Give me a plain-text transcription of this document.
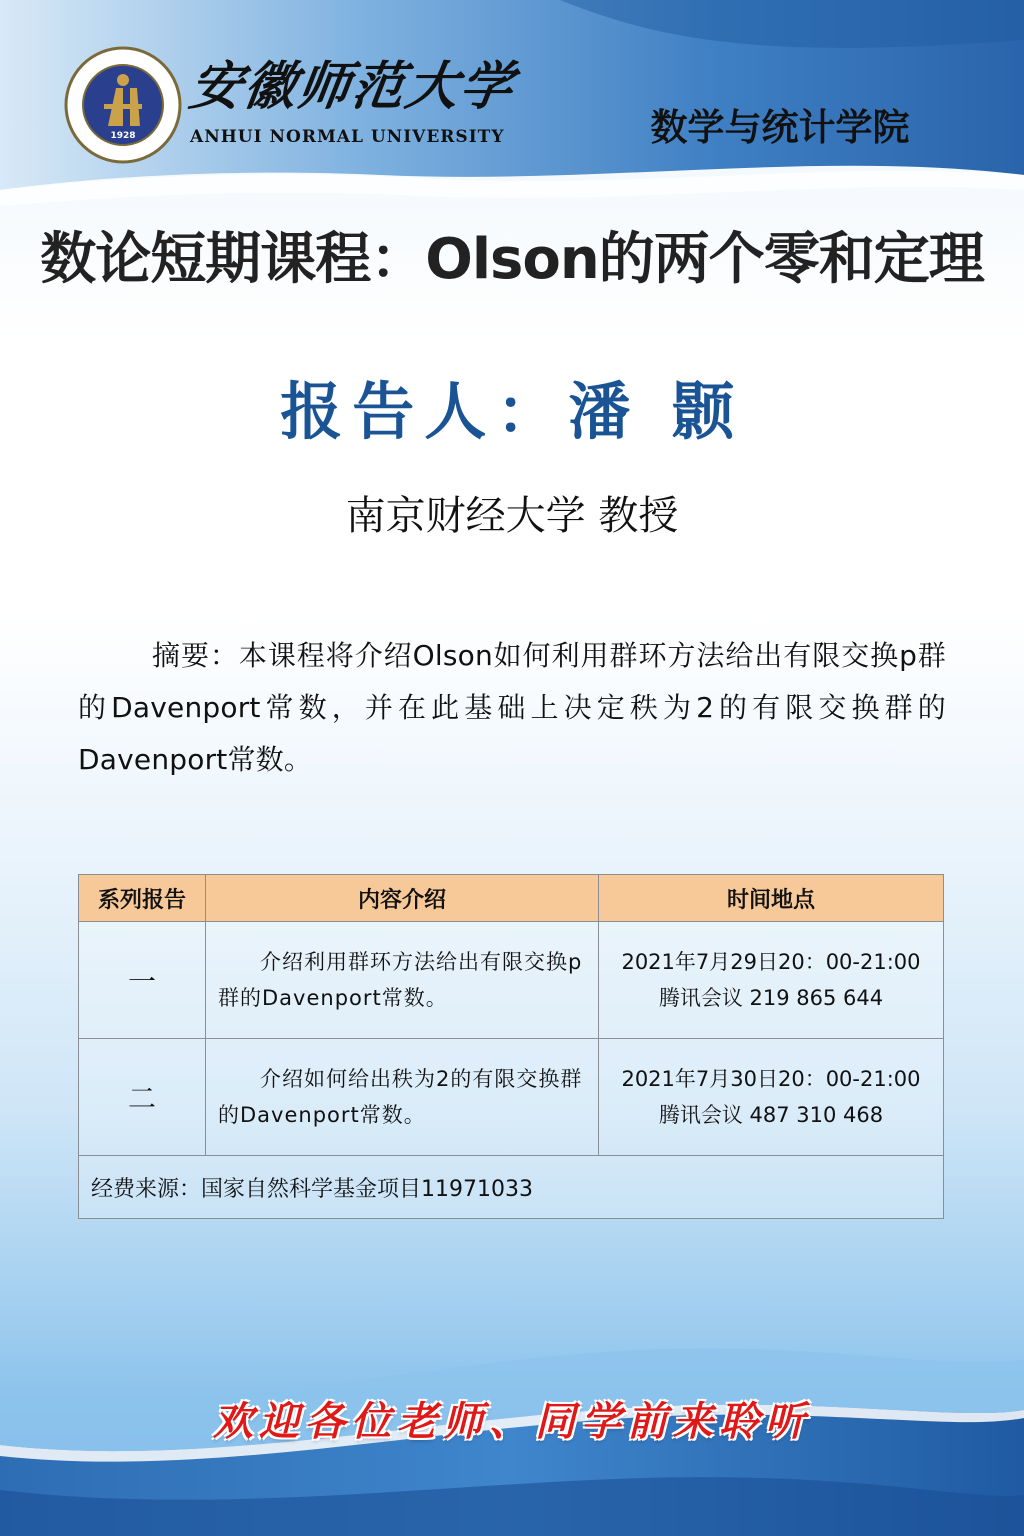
1928
安徽师范大学
ANHUI NORMAL UNIVERSITY	数学与统计学院
数论短期课程：Olson的两个零和定理
报告人：潘 颢
南京财经大学 教授
摘要：本课程将介绍Olson如何利用群环方法给出有限交换p群的Davenport常数，并在此基础上决定秩为2的有限交换群的Davenport常数。
系列报告	内容介绍	时间地点
一	介绍利用群环方法给出有限交换p群的Davenport常数。	2021年7月29日20：00-21:00
腾讯会议 219 865 644

二	介绍如何给出秩为2的有限交换群的Davenport常数。	2021年7月30日20：00-21:00
腾讯会议 487 310 468

经费来源：国家自然科学基金项目11971033		
欢迎各位老师、同学前来聆听
